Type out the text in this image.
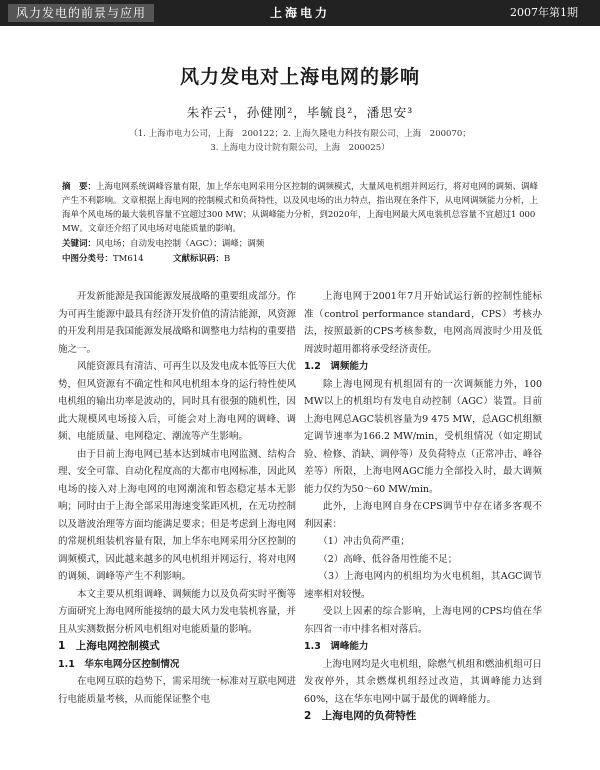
风力发电的前景与应用	上海电力	2007年第1期
风力发电对上海电网的影响
朱祚云¹，孙健刚²，毕毓良²，潘思安³
（1. 上海市电力公司，上海　200122；2. 上海久隆电力科技有限公司，上海　200070；
3. 上海电力设计院有限公司，上海　200025）
摘　要：上海电网系统调峰容量有限，加上华东电网采用分区控制的调频模式，大量风电机组并网运行，将对电网的调频、调峰产生不利影响。文章根据上海电网的控制模式和负荷特性，以及风电场的出力特点，指出现在条件下，从电网调频能力分析，上海单个风电场的最大装机容量不宜超过300 MW；从调峰能力分析，到2020年，上海电网最大风电装机总容量不宜超过1 000 MW。文章还介绍了风电场对电能质量的影响。
关键词：风电场；自动发电控制（AGC）；调峰；调频
中图分类号：TM614	文献标识码：B

开发新能源是我国能源发展战略的重要组成部分。作为可再生能源中最具有经济开发价值的清洁能源，风资源的开发利用是我国能源发展战略和调整电力结构的重要措施之一。

风能资源具有清洁、可再生以及发电成本低等巨大优势，但风资源有不确定性和风电机组本身的运行特性使风电机组的输出功率是波动的，同时具有很强的随机性，因此大规模风电场接入后，可能会对上海电网的调峰、调频、电能质量、电网稳定、潮流等产生影响。

由于目前上海电网已基本达到城市电网监测、结构合理、安全可靠、自动化程度高的大都市电网标准，因此风电场的接入对上海电网的电网潮流和暂态稳定基本无影响；同时由于上海全部采用海速变桨距风机，在无功控制以及谐波治理等方面均能满足要求；但是考虑到上海电网的常规机组装机容量有限，加上华东电网采用分区控制的调频模式，因此越来越多的风电机组并网运行，将对电网的调频、调峰等产生不利影响。

本文主要从机组调峰、调频能力以及负荷实时平衡等方面研究上海电网所能接纳的最大风力发电装机容量，并且从实测数据分析风电机组对电能质量的影响。

1　上海电网控制模式

1.1　华东电网分区控制情况

在电网互联的趋势下，需采用统一标准对互联电网进行电能质量考核，从而能保证整个电

上海电网于2001年7月开始试运行新的控制性能标准（control performance standard，CPS）考核办法，按照最新的CPS考核参数，电网高周波时少用及低周波时超用都将承受经济责任。

1.2　调频能力

除上海电网现有机组固有的一次调频能力外，100 MW以上的机组均有发电自动控制（AGC）装置。目前上海电网总AGC装机容量为9 475 MW，总AGC机组额定调节速率为166.2 MW/min，受机组情况（如定期试验、检修、消缺、调停等）及负荷特点（正常冲击、峰谷差等）所限，上海电网AGC能力全部投入时，最大调频能力仅约为50～60 MW/min。

此外，上海电网自身在CPS调节中存在诸多客观不利因素：

（1）冲击负荷严重；

（2）高峰、低谷备用性能不足；

（3）上海电网内的机组均为火电机组，其AGC调节速率相对较慢。

受以上因素的综合影响，上海电网的CPS均值在华东四省一市中排名相对落后。

1.3　调峰能力

上海电网均是火电机组，除燃气机组和燃油机组可日发夜停外，其余燃煤机组经过改造，其调峰能力达到60%，这在华东电网中属于最优的调峰能力。

2　上海电网的负荷特性
